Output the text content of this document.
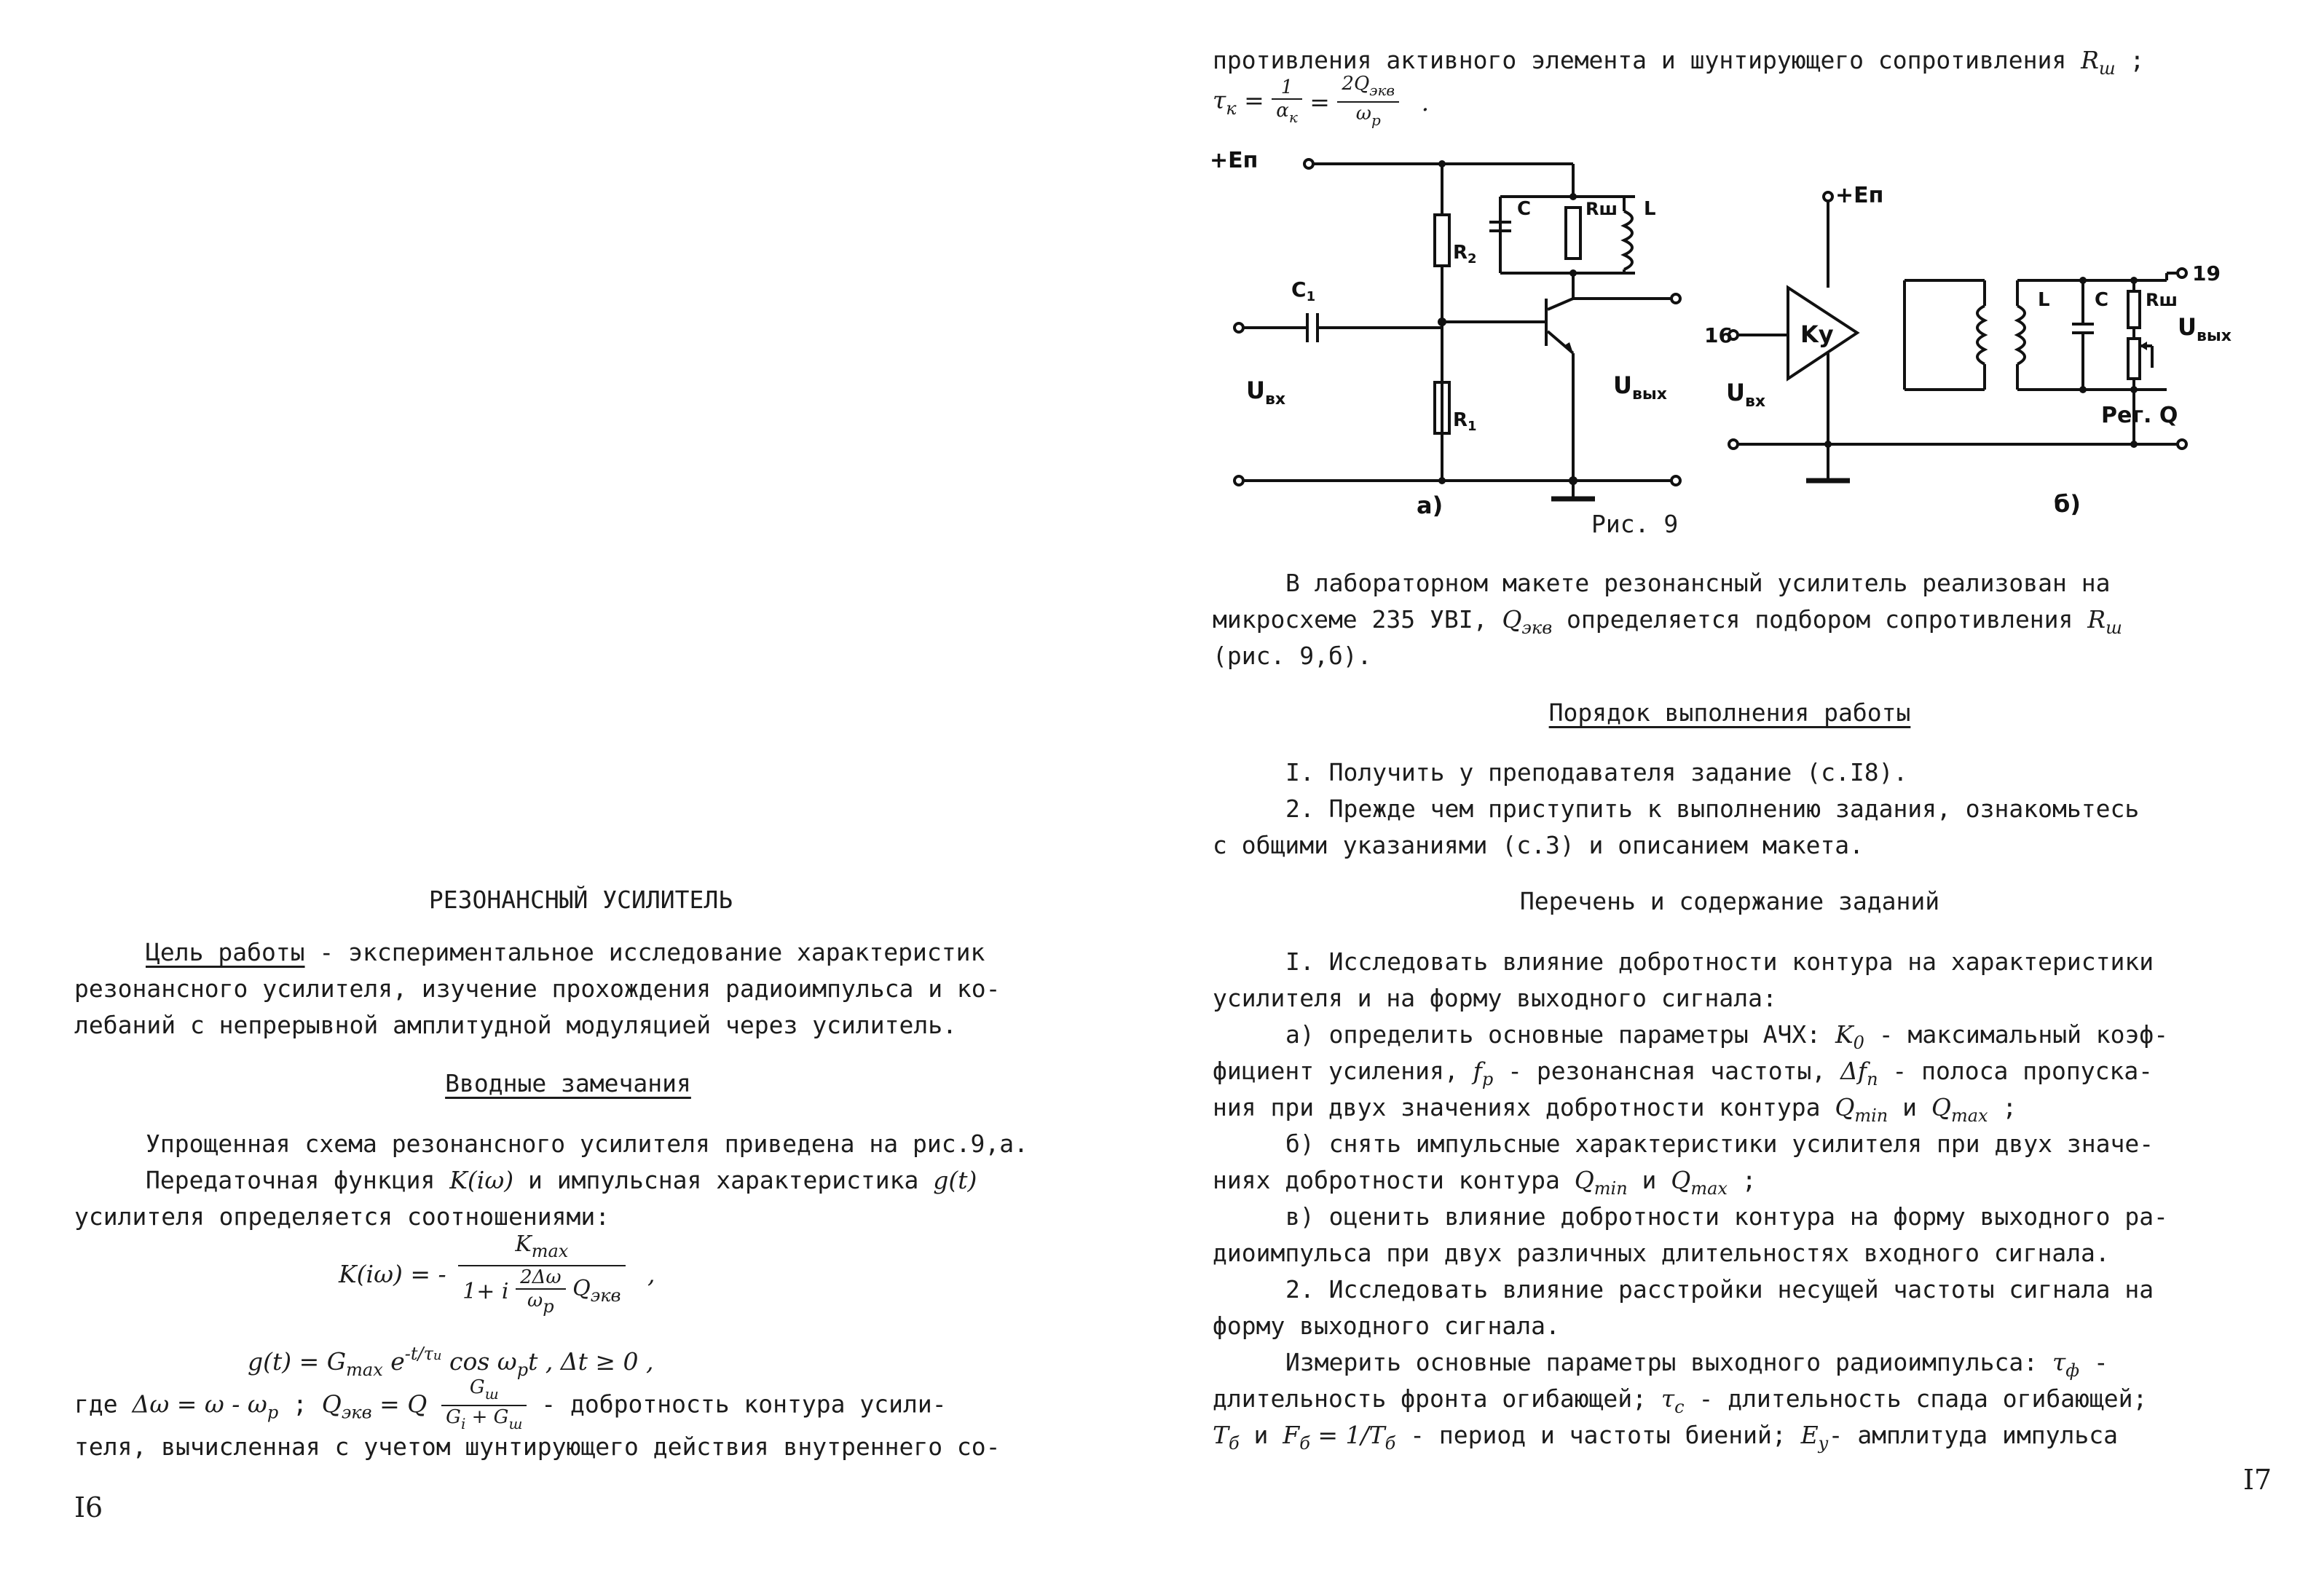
РЕЗОНАНСНЫЙ УСИЛИТЕЛЬ
Цель работы - экспериментальное исследование характеристик
резонансного усилителя, изучение прохождения радиоимпульса и ко-
лебаний с непрерывной амплитудной модуляцией через усилитель.
Вводные замечания
Упрощенная схема резонансного усилителя приведена на рис.9,а.
Передаточная функция K(iω) и импульсная характеристика g(t)
усилителя определяется соотношениями:
K(iω) = -
$K_{max}$
1+ i $\frac{2\Delta\omega}{\omega p} Q_{экв}$
,
$g(t) = G_{max}$ $e^{-t/\tau u}$ $\cos \omega_pt$ , Δt ≥ 0 ,
где $\Delta\omega = \omega - \omega_p$ ; $Q_{экв} = Q \frac{G_ш}{G_i + G_ш}$ - добротность контура усили-
теля, вычисленная с учетом шунтирующего действия внутреннего со-
I6
противления активного элемента и шунтирующего сопротивления $R_ш$ ;
$\tau_к = \frac{1}{\alpha_к} = \frac{2Q_{экв}}{\omega_р}$ .
+Eп
$C_1$
$R_2$
$R_1$
C	Rш L
$U_{вх}$
$U_{вых}$
а)
+Eп
Kу
16
19
L C Rш
$U_{вх}$
$U_{вых}$
Рег. Q
б)
Рис. 9
В лабораторном макете резонансный усилитель реализован на
микросхеме 235 УВI, $Q_{экв}$ определяется подбором сопротивления $R_ш$
(рис. 9,б).
Порядок выполнения работы
I. Получить у преподавателя задание (с.I8).
2. Прежде чем приступить к выполнению задания, ознакомьтесь
с общими указаниями (с.3) и описанием макета.
Перечень и содержание заданий
I. Исследовать влияние добротности контура на характеристики
усилителя и на форму выходного сигнала:
а) определить основные параметры АЧХ: $K_0$ - максимальный коэф-
фициент усиления, $f_р$ - резонансная частоты, $\Delta f_п$ - полоса пропуска-
ния при двух значениях добротности контура $Q_{min}$ и $Q_{max}$ ;
б) снять импульсные характеристики усилителя при двух значе-
ниях добротности контура $Q_{min}$ и $Q_{max}$ ;
в) оценить влияние добротности контура на форму выходного ра-
диоимпульса при двух различных длительностях входного сигнала.
2. Исследовать влияние расстройки несущей частоты сигнала на
форму выходного сигнала.
Измерить основные параметры выходного радиоимпульса: $\tau_ф$ -
длительность фронта огибающей; $\tau_с$ - длительность спада огибающей;
$T_б$ и $F_б = 1/T_б$ - период и частоты биений; $E_у-$ амплитуда импульса
I7
